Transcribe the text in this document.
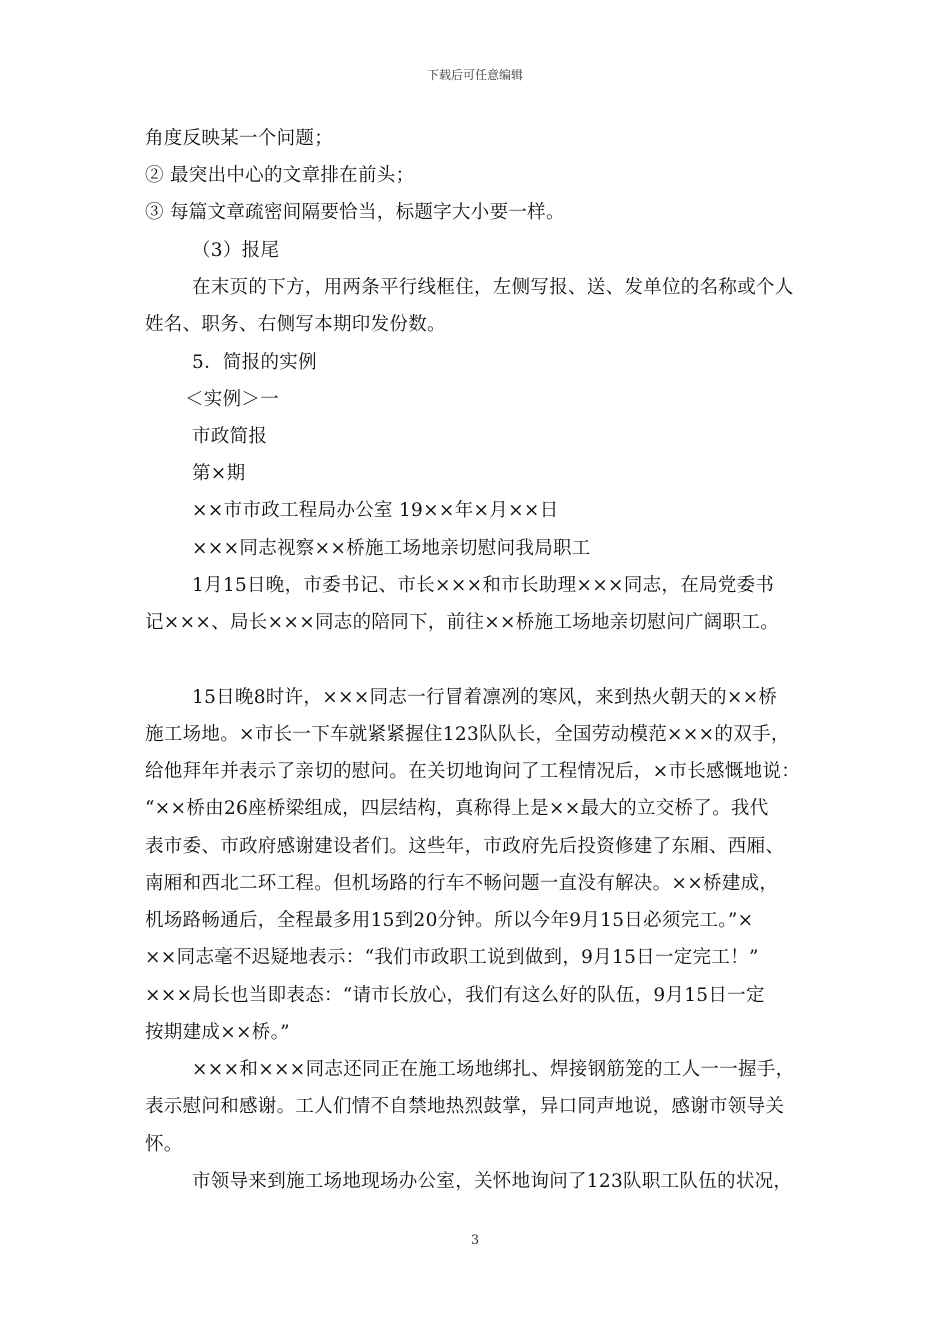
下载后可任意编辑
角度反映某一个问题；
② 最突出中心的文章排在前头；
③ 每篇文章疏密间隔要恰当，标题字大小要一样。
（3）报尾
在末页的下方，用两条平行线框住，左侧写报、送、发单位的名称或个人
姓名、职务、右侧写本期印发份数。
5．简报的实例
＜实例＞一
市政简报
第×期
××市市政工程局办公室 19××年×月××日
×××同志视察××桥施工场地亲切慰问我局职工
1月15日晚，市委书记、市长×××和市长助理×××同志，在局党委书
记×××、局长×××同志的陪同下，前往××桥施工场地亲切慰问广阔职工。
15日晚8时许，×××同志一行冒着凛冽的寒风，来到热火朝天的××桥
施工场地。×市长一下车就紧紧握住123队队长，全国劳动模范×××的双手，
给他拜年并表示了亲切的慰问。在关切地询问了工程情况后，×市长感慨地说：
“××桥由26座桥梁组成，四层结构，真称得上是××最大的立交桥了。我代
表市委、市政府感谢建设者们。这些年，市政府先后投资修建了东厢、西厢、
南厢和西北二环工程。但机场路的行车不畅问题一直没有解决。××桥建成，
机场路畅通后，全程最多用15到20分钟。所以今年9月15日必须完工。”×
××同志毫不迟疑地表示：“我们市政职工说到做到，9月15日一定完工！”
×××局长也当即表态：“请市长放心，我们有这么好的队伍，9月15日一定
按期建成××桥。”
×××和×××同志还同正在施工场地绑扎、焊接钢筋笼的工人一一握手，
表示慰问和感谢。工人们情不自禁地热烈鼓掌，异口同声地说，感谢市领导关
怀。
市领导来到施工场地现场办公室，关怀地询问了123队职工队伍的状况，
3
